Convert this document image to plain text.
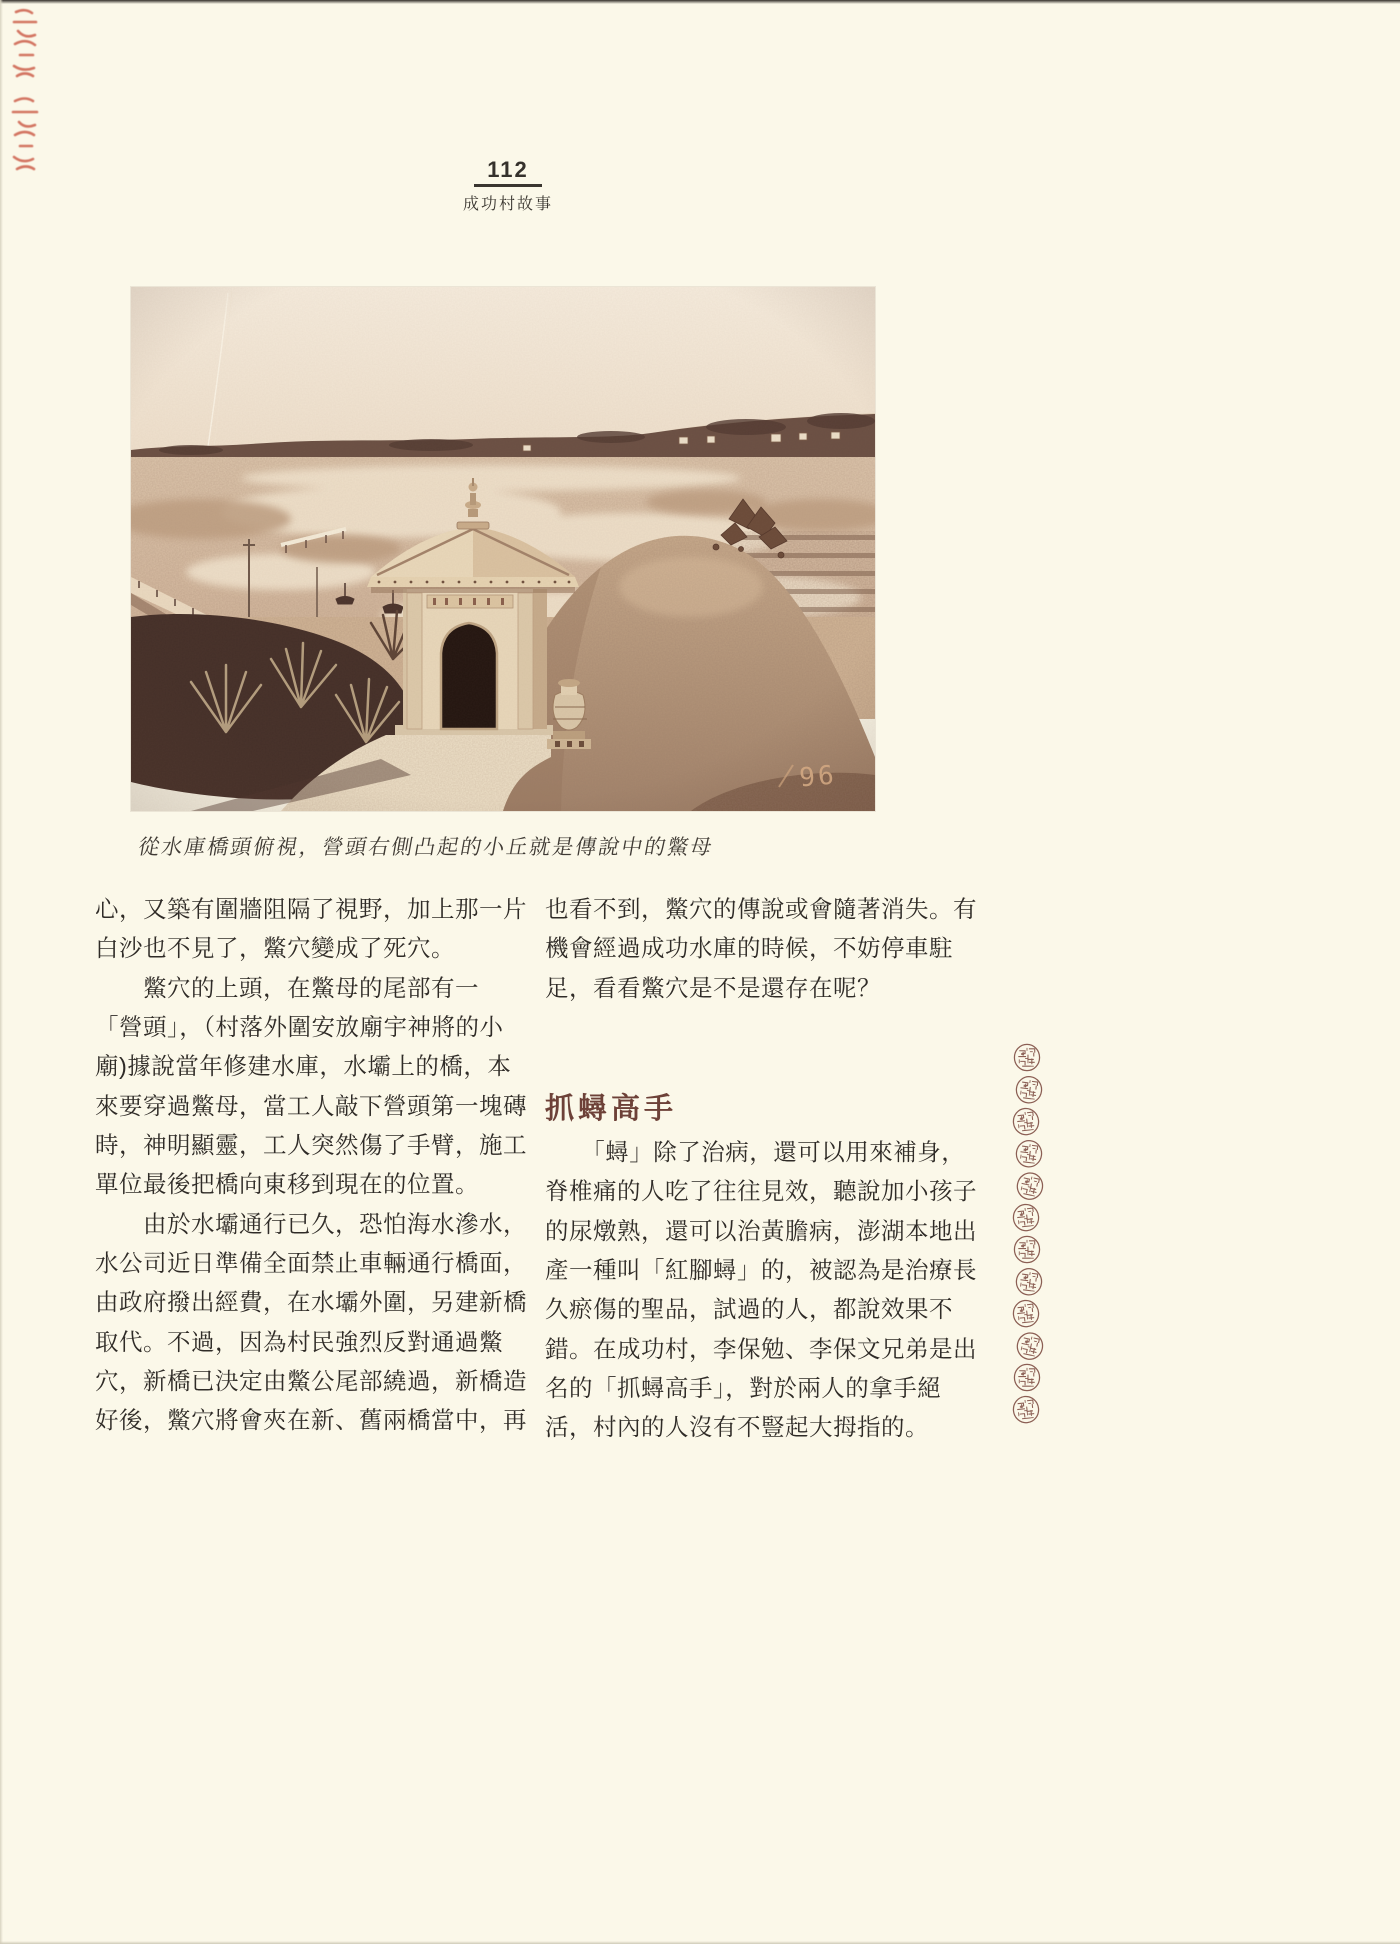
112
成功村故事
從水庫橋頭俯視，營頭右側凸起的小丘就是傳說中的鱉母
心，又築有圍牆阻隔了視野，加上那一片
白沙也不見了，鱉穴變成了死穴。
　　鱉穴的上頭，在鱉母的尾部有一
「營頭」，（村落外圍安放廟宇神將的小
廟)據說當年修建水庫，水壩上的橋，本
來要穿過鱉母，當工人敲下營頭第一塊磚
時，神明顯靈，工人突然傷了手臂，施工
單位最後把橋向東移到現在的位置。
　　由於水壩通行已久，恐怕海水滲水，
水公司近日準備全面禁止車輛通行橋面，
由政府撥出經費，在水壩外圍，另建新橋
取代。不過，因為村民強烈反對通過鱉
穴，新橋已決定由鱉公尾部繞過，新橋造
好後，鱉穴將會夾在新、舊兩橋當中，再
也看不到，鱉穴的傳說或會隨著消失。有
機會經過成功水庫的時候，不妨停車駐
足，看看鱉穴是不是還存在呢？
抓蟳高手
　　「蟳」除了治病，還可以用來補身，
脊椎痛的人吃了往往見效，聽說加小孩子
的尿燉熟，還可以治黃膽病，澎湖本地出
產一種叫「紅腳蟳」的，被認為是治療長
久瘀傷的聖品，試過的人，都說效果不
錯。在成功村，李保勉、李保文兄弟是出
名的「抓蟳高手」，對於兩人的拿手絕
活，村內的人沒有不豎起大拇指的。
